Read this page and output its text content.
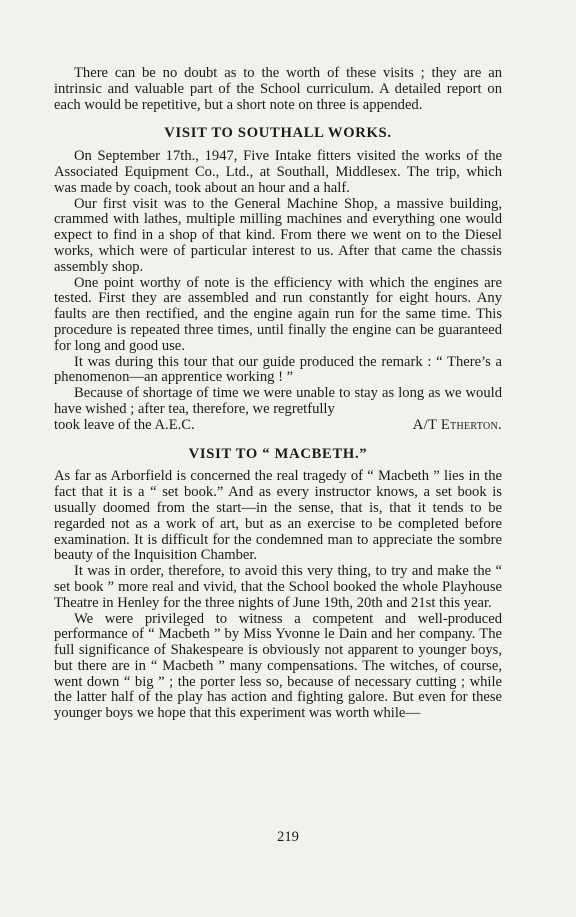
There can be no doubt as to the worth of these visits ; they are an intrinsic and valuable part of the School curriculum. A detailed report on each would be repetitive, but a short note on three is appended.

VISIT TO SOUTHALL WORKS.

On September 17th., 1947, Five Intake fitters visited the works of the Associated Equipment Co., Ltd., at Southall, Middlesex. The trip, which was made by coach, took about an hour and a half.

Our first visit was to the General Machine Shop, a massive building, crammed with lathes, multiple milling machines and everything one would expect to find in a shop of that kind. From there we went on to the Diesel works, which were of particular interest to us. After that came the chassis assembly shop.

One point worthy of note is the efficiency with which the engines are tested. First they are assembled and run constantly for eight hours. Any faults are then rectified, and the engine again run for the same time. This procedure is repeated three times, until finally the engine can be guaranteed for long and good use.

It was during this tour that our guide produced the remark : “ There’s a phenomenon—an apprentice working ! ”

Because of shortage of time we were unable to stay as long as we would have wished ; after tea, therefore, we regretfully

took leave of the A.E.C.	A/T Etherton.
VISIT TO “ MACBETH.”

As far as Arborfield is concerned the real tragedy of “ Macbeth ” lies in the fact that it is a “ set book.” And as every instructor knows, a set book is usually doomed from the start—in the sense, that is, that it tends to be regarded not as a work of art, but as an exercise to be completed before examination. It is difficult for the condemned man to appreciate the sombre beauty of the Inquisition Chamber.

It was in order, therefore, to avoid this very thing, to try and make the “ set book ” more real and vivid, that the School booked the whole Playhouse Theatre in Henley for the three nights of June 19th, 20th and 21st this year.

We were privileged to witness a competent and well-produced performance of “ Macbeth ” by Miss Yvonne le Dain and her company. The full significance of Shakespeare is obviously not apparent to younger boys, but there are in “ Macbeth ” many compensations. The witches, of course, went down “ big ” ; the porter less so, because of necessary cutting ; while the latter half of the play has action and fighting galore. But even for these younger boys we hope that this experiment was worth while—

219
